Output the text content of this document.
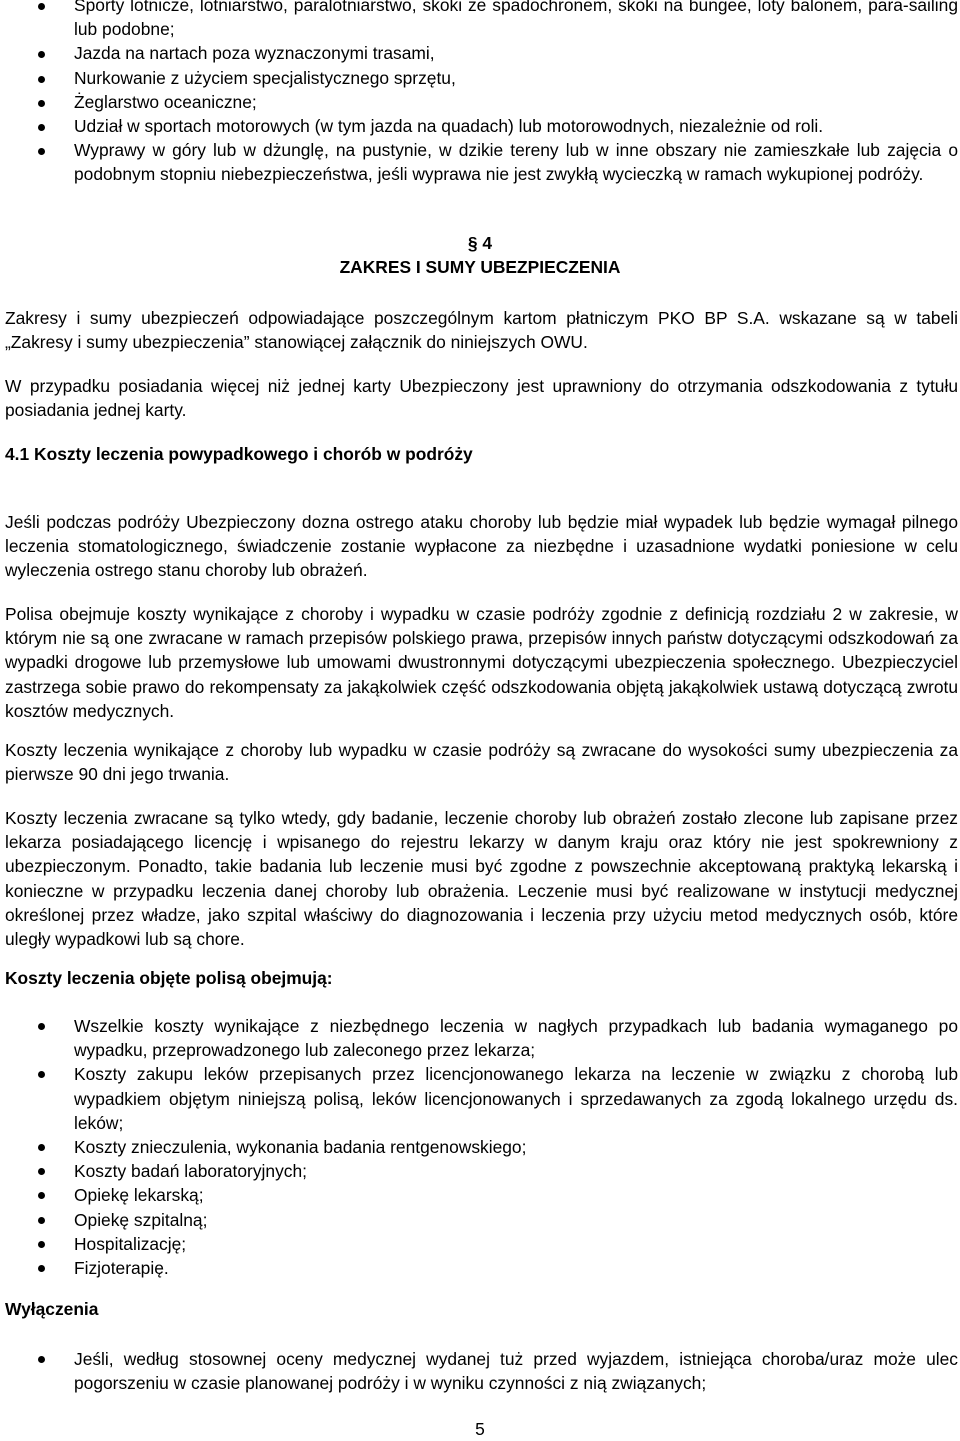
Sporty lotnicze, lotniarstwo, paralotniarstwo, skoki ze spadochronem, skoki na bungee, loty balonem, para-sailing lub podobne;
Jazda na nartach poza wyznaczonymi trasami,
Nurkowanie z użyciem specjalistycznego sprzętu,
Żeglarstwo oceaniczne;
Udział w sportach motorowych (w tym jazda na quadach) lub motorowodnych, niezależnie od roli.
Wyprawy w góry lub w dżunglę, na pustynie, w dzikie tereny lub w inne obszary nie zamieszkałe lub zajęcia o podobnym stopniu niebezpieczeństwa, jeśli wyprawa nie jest zwykłą wycieczką w ramach wykupionej podróży.
§ 4
ZAKRES I SUMY UBEZPIECZENIA

Zakresy i sumy ubezpieczeń odpowiadające poszczególnym kartom płatniczym PKO BP S.A. wskazane są w tabeli „Zakresy i sumy ubezpieczenia” stanowiącej załącznik do niniejszych OWU.

W przypadku posiadania więcej niż jednej karty Ubezpieczony jest uprawniony do otrzymania odszkodowania z tytułu posiadania jednej karty.

4.1 Koszty leczenia powypadkowego i chorób w podróży

Jeśli podczas podróży Ubezpieczony dozna ostrego ataku choroby lub będzie miał wypadek lub będzie wymagał pilnego leczenia stomatologicznego, świadczenie zostanie wypłacone za niezbędne i uzasadnione wydatki poniesione w celu wyleczenia ostrego stanu choroby lub obrażeń.

Polisa obejmuje koszty wynikające z choroby i wypadku w czasie podróży zgodnie z definicją rozdziału 2 w zakresie, w którym nie są one zwracane w ramach przepisów polskiego prawa, przepisów innych państw dotyczącymi odszkodowań za wypadki drogowe lub przemysłowe lub umowami dwustronnymi dotyczącymi ubezpieczenia społecznego. Ubezpieczyciel zastrzega sobie prawo do rekompensaty za jakąkolwiek część odszkodowania objętą jakąkolwiek ustawą dotyczącą zwrotu kosztów medycznych.

Koszty leczenia wynikające z choroby lub wypadku w czasie podróży są zwracane do wysokości sumy ubezpieczenia za pierwsze 90 dni jego trwania.

Koszty leczenia zwracane są tylko wtedy, gdy badanie, leczenie choroby lub obrażeń zostało zlecone lub zapisane przez lekarza posiadającego licencję i wpisanego do rejestru lekarzy w danym kraju oraz który nie jest spokrewniony z ubezpieczonym. Ponadto, takie badania lub leczenie musi być zgodne z powszechnie akceptowaną praktyką lekarską i konieczne w przypadku leczenia danej choroby lub obrażenia. Leczenie musi być realizowane w instytucji medycznej określonej przez władze, jako szpital właściwy do diagnozowania i leczenia przy użyciu metod medycznych osób, które uległy wypadkowi lub są chore.

Koszty leczenia objęte polisą obejmują:

Wszelkie koszty wynikające z niezbędnego leczenia w nagłych przypadkach lub badania wymaganego po wypadku, przeprowadzonego lub zaleconego przez lekarza;
Koszty zakupu leków przepisanych przez licencjonowanego lekarza na leczenie w związku z chorobą lub wypadkiem objętym niniejszą polisą, leków licencjonowanych i sprzedawanych za zgodą lokalnego urzędu ds. leków;
Koszty znieczulenia, wykonania badania rentgenowskiego;
Koszty badań laboratoryjnych;
Opiekę lekarską;
Opiekę szpitalną;
Hospitalizację;
Fizjoterapię.

Wyłączenia

Jeśli, według stosownej oceny medycznej wydanej tuż przed wyjazdem, istniejąca choroba/uraz może ulec pogorszeniu w czasie planowanej podróży i w wyniku czynności z nią związanych;
5
